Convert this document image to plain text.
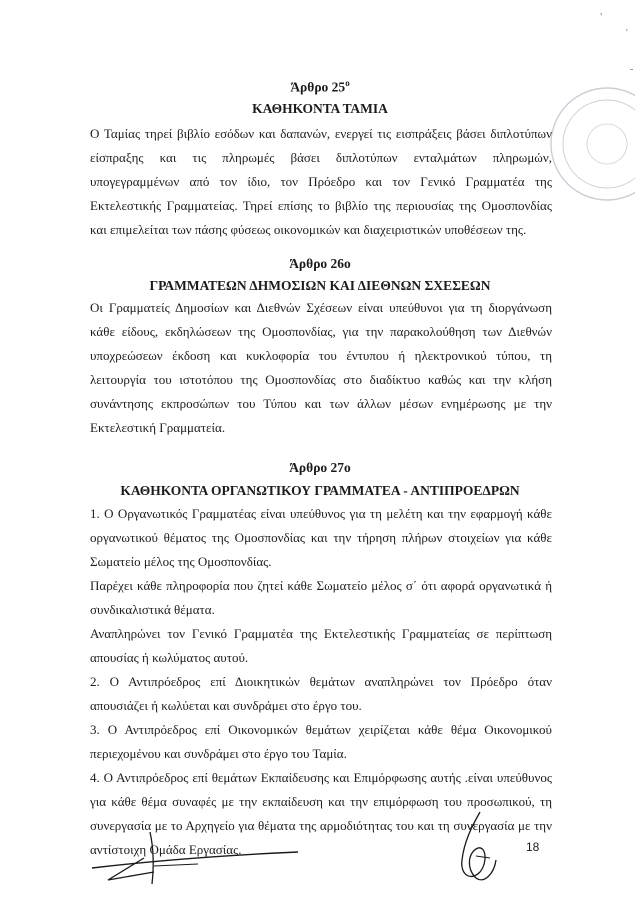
,
'
-
Άρθρο $25^o$
ΚΑΘΗΚΟΝΤΑ ΤΑΜΙΑ

Ο Ταμίας τηρεί βιβλίο εσόδων και δαπανών, ενεργεί τις εισπράξεις βάσει διπλοτύπων είσπραξης και τις πληρωμές βάσει διπλοτύπων ενταλμάτων πληρωμών, υπογεγραμμένων από τον ίδιο, τον Πρόεδρο και τον Γενικό Γραμματέα της Εκτελεστικής Γραμματείας. Τηρεί επίσης το βιβλίο της περιουσίας της Ομοσπονδίας και επιμελείται των πάσης φύσεως οικονομικών και διαχειριστικών υποθέσεων της.

Άρθρο 26ο
ΓΡΑΜΜΑΤΕΩΝ ΔΗΜΟΣΙΩΝ ΚΑΙ ΔΙΕΘΝΩΝ ΣΧΕΣΕΩΝ

Οι Γραμματείς Δημοσίων και Διεθνών Σχέσεων είναι υπεύθυνοι για τη διοργάνωση κάθε είδους, εκδηλώσεων της Ομοσπονδίας, για την παρακολούθηση των Διεθνών υποχρεώσεων έκδοση και κυκλοφορία του έντυπου ή ηλεκτρονικού τύπου, τη λειτουργία του ιστοτόπου της Ομοσπονδίας στο διαδίκτυο καθώς και την κλήση συνάντησης εκπροσώπων του Τύπου και των άλλων μέσων ενημέρωσης με την Εκτελεστική Γραμματεία.

Άρθρο 27ο
ΚΑΘΗΚΟΝΤΑ ΟΡΓΑΝΩΤΙΚΟΥ ΓΡΑΜΜΑΤΕΑ - ΑΝΤΙΠΡΟΕΔΡΩΝ

1. Ο Οργανωτικός Γραμματέας είναι υπεύθυνος για τη μελέτη και την εφαρμογή κάθε οργανωτικού θέματος της Ομοσπονδίας και την τήρηση πλήρων στοιχείων για κάθε Σωματείο μέλος της Ομοσπονδίας.

Παρέχει κάθε πληροφορία που ζητεί κάθε Σωματείο μέλος σ΄ ότι αφορά οργανωτικά ή συνδικαλιστικά θέματα.

Αναπληρώνει τον Γενικό Γραμματέα της Εκτελεστικής Γραμματείας σε περίπτωση απουσίας ή κωλύματος αυτού.

2. Ο Αντιπρόεδρος επί Διοικητικών θεμάτων αναπληρώνει τον Πρόεδρο όταν απουσιάζει ή κωλύεται και συνδράμει στο έργο του.

3. Ο Αντιπρόεδρος επί Οικονομικών θεμάτων χειρίζεται κάθε θέμα Οικονομικού περιεχομένου και συνδράμει στο έργο του Ταμία.

4. Ο Αντιπρόεδρος επί θεμάτων Εκπαίδευσης και Επιμόρφωσης αυτής .είναι υπεύθυνος για κάθε θέμα συναφές με την εκπαίδευση και την επιμόρφωση του προσωπικού, τη συνεργασία με το Αρχηγείο για θέματα της αρμοδιότητας του και τη συνεργασία με την αντίστοιχη Ομάδα Εργασίας.	18
